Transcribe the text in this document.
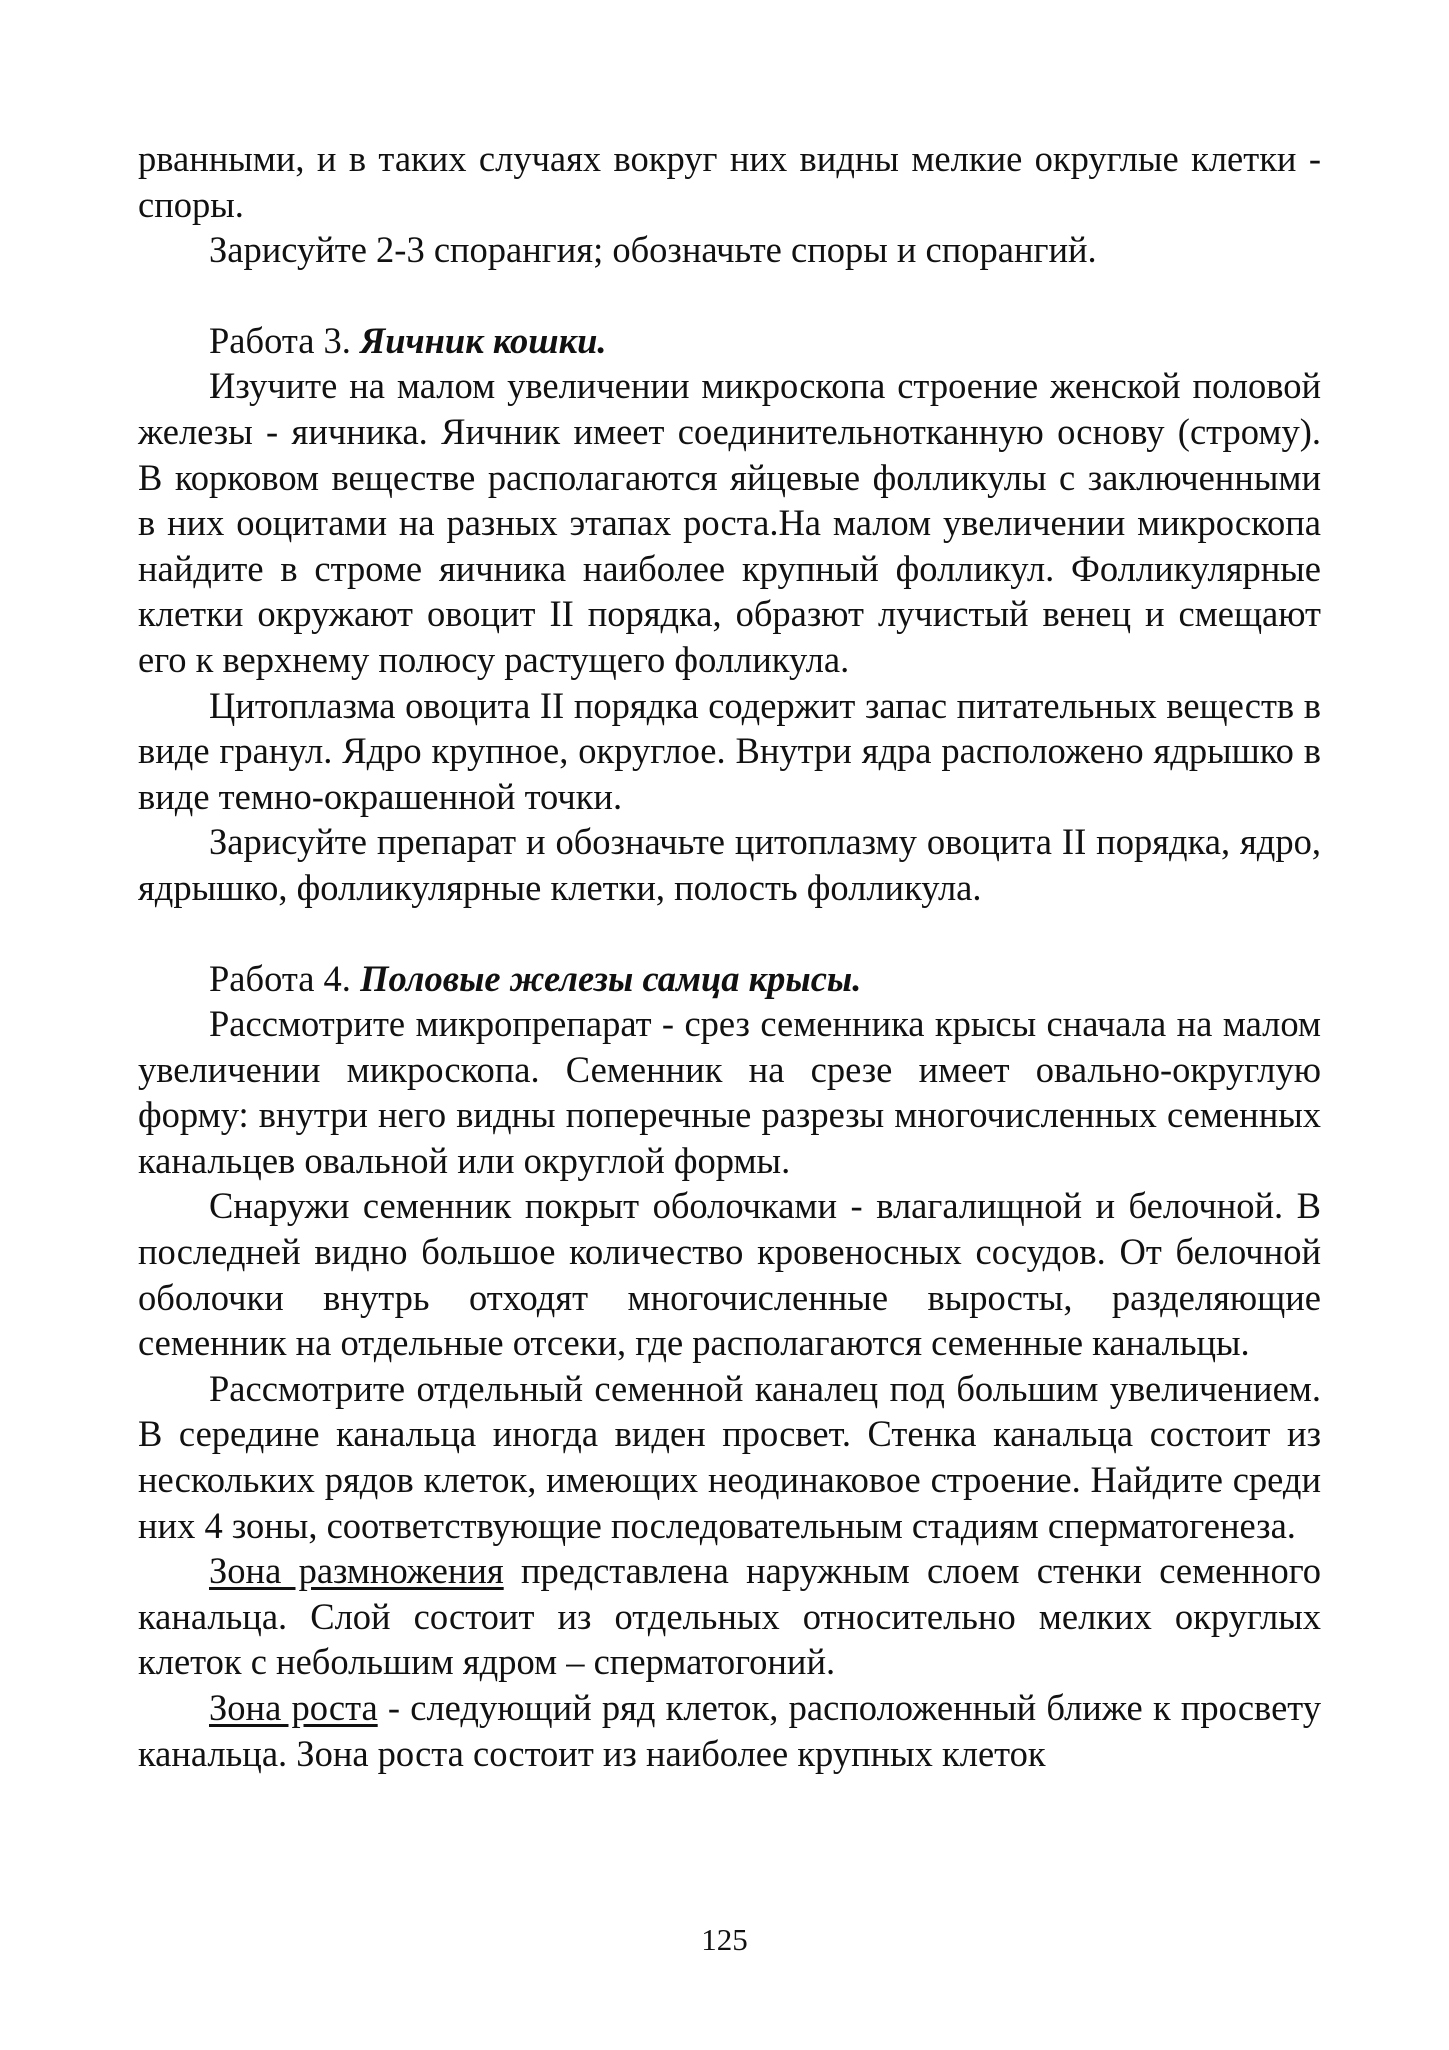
рванными, и в таких случаях вокруг них видны мелкие округлые клетки - споры.

Зарисуйте 2-3 спорангия; обозначьте споры и спорангий.

Работа 3. Яичник кошки.

Изучите на малом увеличении микроскопа строение женской половой железы - яичника. Яичник имеет соединительнотканную основу (строму). В корковом веществе располагаются яйцевые фолликулы с заключенными в них ооцитами на разных этапах роста.На малом увеличении микроскопа найдите в строме яичника наиболее крупный фолликул. Фолликулярные клетки окружают овоцит II порядка, образют лучистый венец и смещают его к верхнему полюсу растущего фолликула.

Цитоплазма овоцита II порядка содержит запас питательных веществ в виде гранул. Ядро крупное, округлое. Внутри ядра расположено ядрышко в виде темно-окрашенной точки.

Зарисуйте препарат и обозначьте цитоплазму овоцита II порядка, ядро, ядрышко, фолликулярные клетки, полость фолликула.

Работа 4. Половые железы самца крысы.

Рассмотрите микропрепарат - срез семенника крысы сначала на малом увеличении микроскопа. Семенник на срезе имеет овально-округлую форму: внутри него видны поперечные разрезы многочисленных семенных канальцев овальной или округлой формы.

Снаружи семенник покрыт оболочками - влагалищной и белочной. В последней видно большое количество кровеносных сосудов. От белочной оболочки внутрь отходят многочисленные выросты, разделяющие семенник на отдельные отсеки, где располагаются семенные канальцы.

Рассмотрите отдельный семенной каналец под большим увеличением. В середине канальца иногда виден просвет. Стенка канальца состоит из нескольких рядов клеток, имеющих неодинаковое строение. Найдите среди них 4 зоны, соответствующие последовательным стадиям сперматогенеза.

Зона размножения представлена наружным слоем стенки семенного канальца. Слой состоит из отдельных относительно мелких округлых клеток с небольшим ядром – сперматогоний.

Зона роста - следующий ряд клеток, расположенный ближе к просвету канальца. Зона роста состоит из наиболее крупных клеток

125
